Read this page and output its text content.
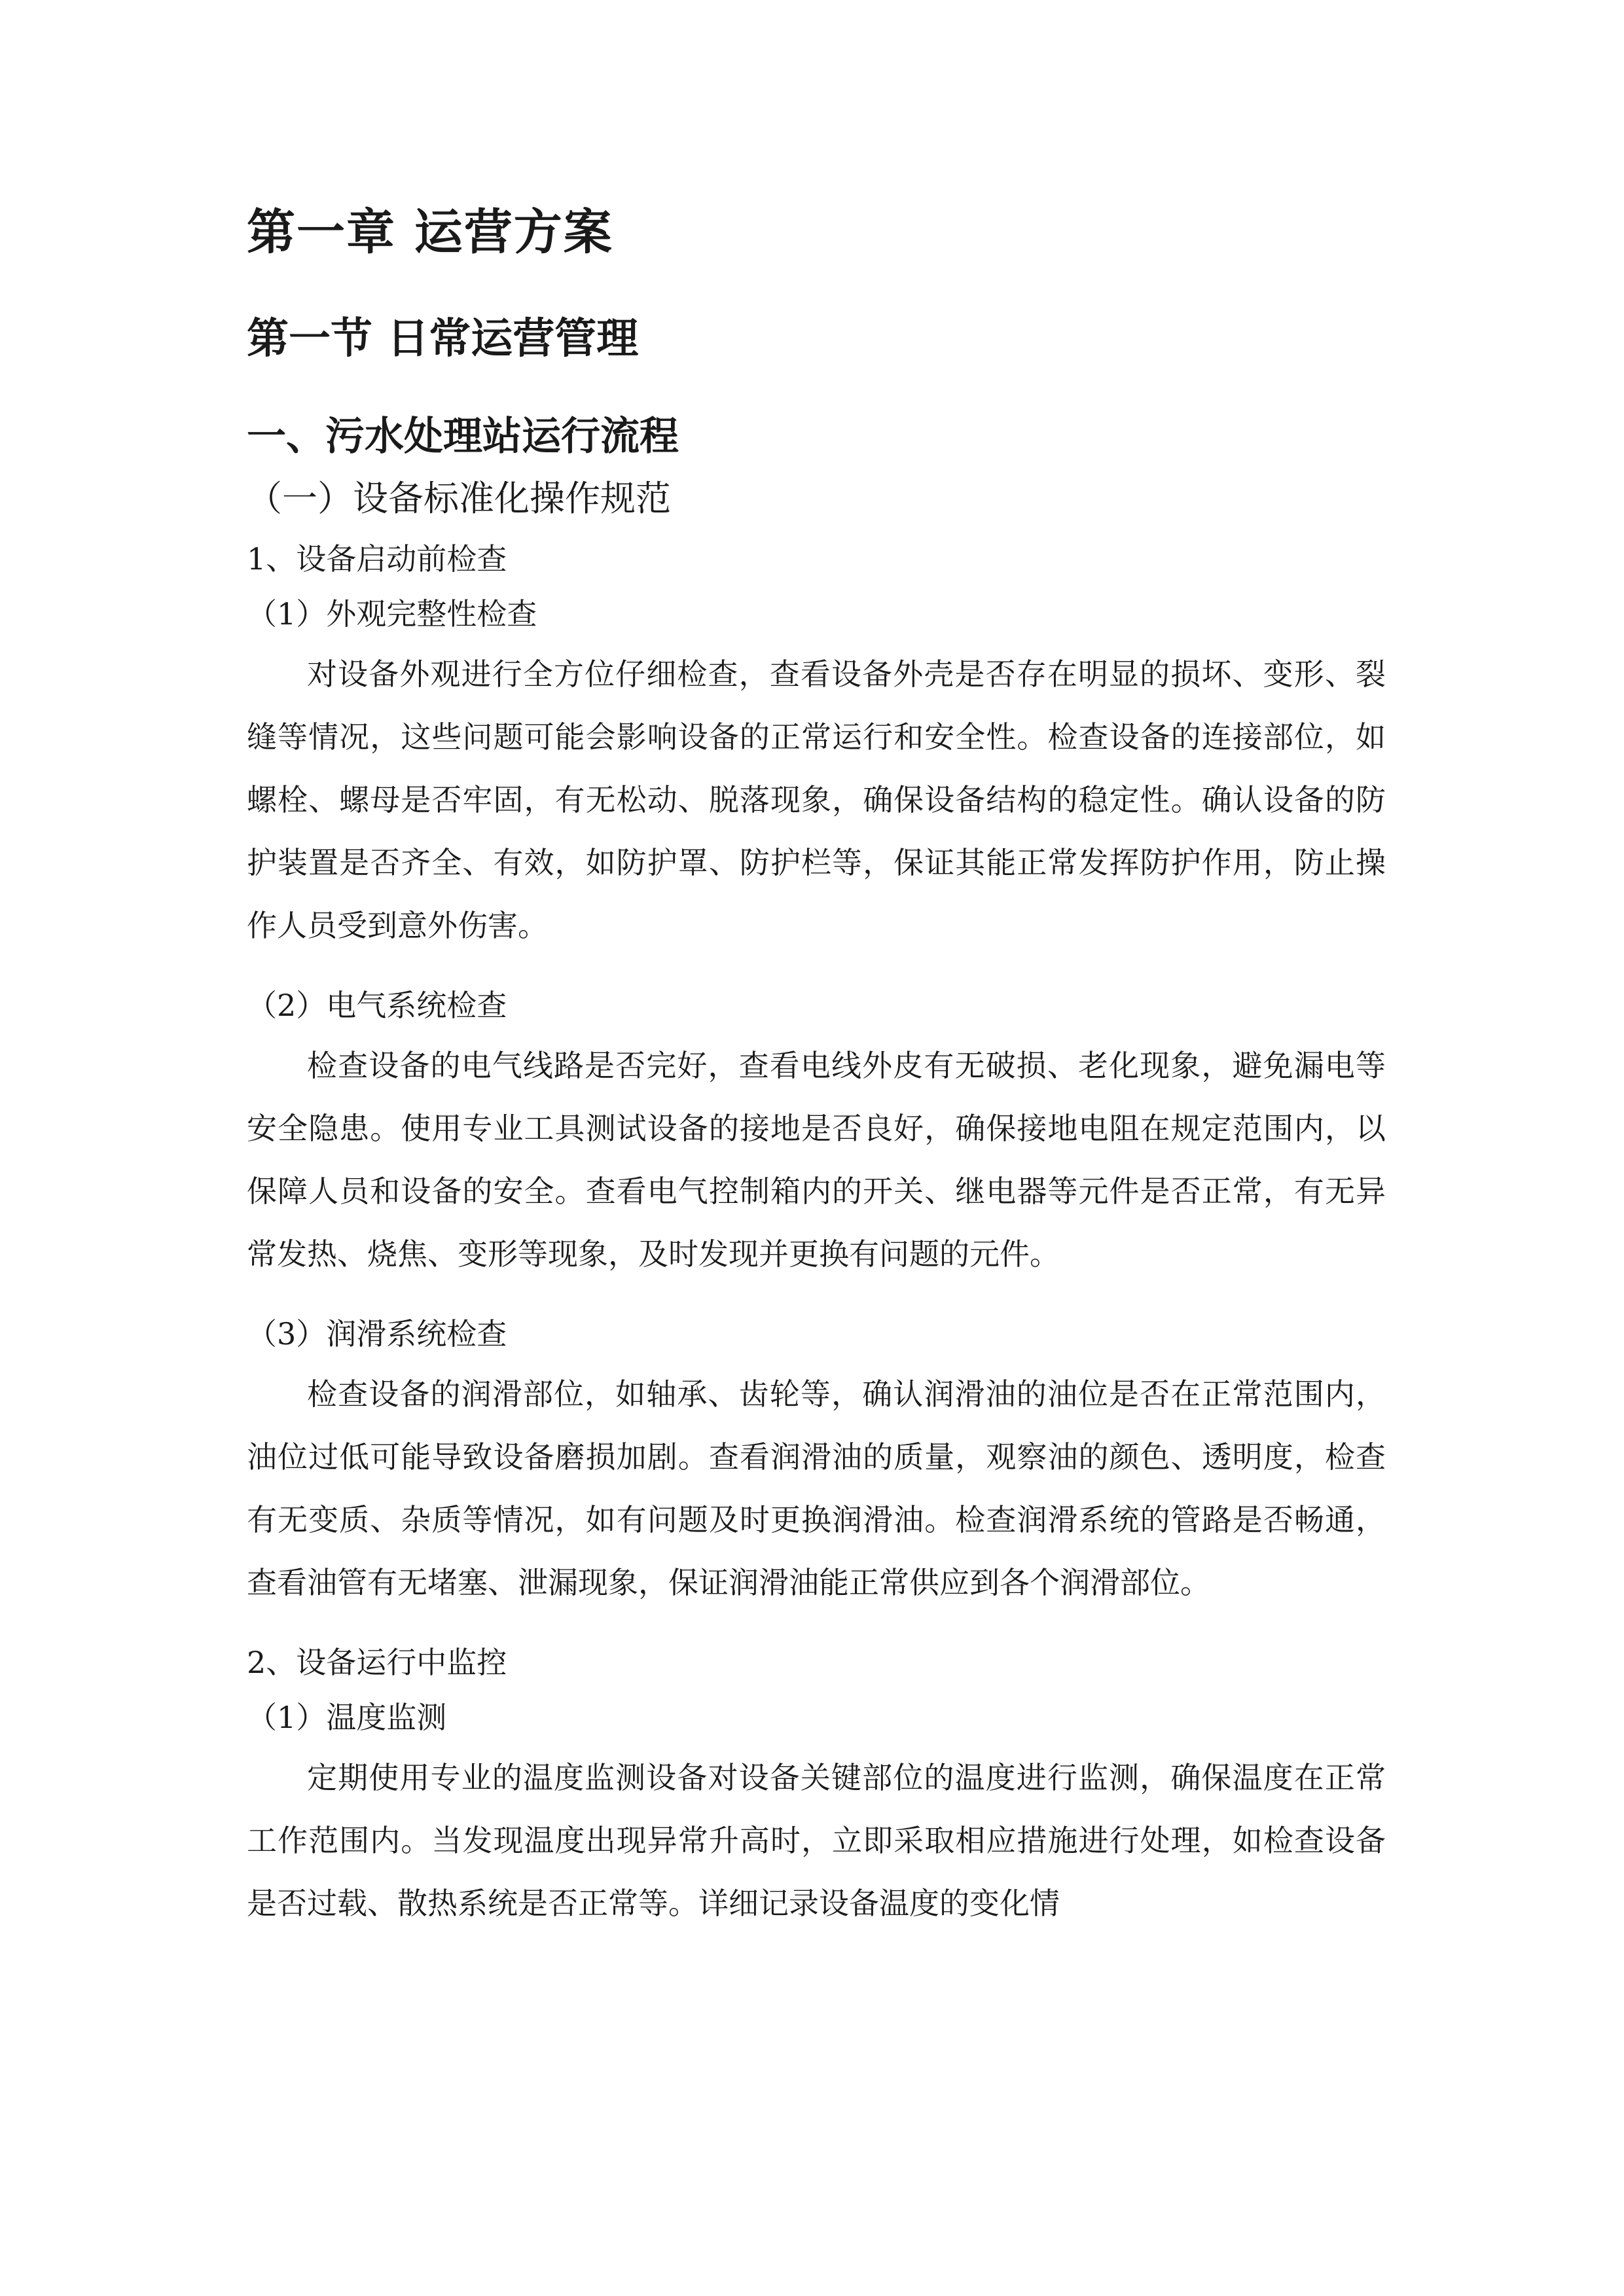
第一章 运营方案
第一节 日常运营管理
一、污水处理站运行流程
（一）设备标准化操作规范
1、设备启动前检查
（1）外观完整性检查

对设备外观进行全方位仔细检查，查看设备外壳是否存在明显的损坏、变形、裂缝等情况，这些问题可能会影响设备的正常运行和安全性。检查设备的连接部位，如螺栓、螺母是否牢固，有无松动、脱落现象，确保设备结构的稳定性。确认设备的防护装置是否齐全、有效，如防护罩、防护栏等，保证其能正常发挥防护作用，防止操作人员受到意外伤害。

（2）电气系统检查

检查设备的电气线路是否完好，查看电线外皮有无破损、老化现象，避免漏电等安全隐患。使用专业工具测试设备的接地是否良好，确保接地电阻在规定范围内，以保障人员和设备的安全。查看电气控制箱内的开关、继电器等元件是否正常，有无异常发热、烧焦、变形等现象，及时发现并更换有问题的元件。

（3）润滑系统检查

检查设备的润滑部位，如轴承、齿轮等，确认润滑油的油位是否在正常范围内，油位过低可能导致设备磨损加剧。查看润滑油的质量，观察油的颜色、透明度，检查有无变质、杂质等情况，如有问题及时更换润滑油。检查润滑系统的管路是否畅通，查看油管有无堵塞、泄漏现象，保证润滑油能正常供应到各个润滑部位。

2、设备运行中监控
（1）温度监测

定期使用专业的温度监测设备对设备关键部位的温度进行监测，确保温度在正常工作范围内。当发现温度出现异常升高时，立即采取相应措施进行处理，如检查设备是否过载、散热系统是否正常等。详细记录设备温度的变化情
